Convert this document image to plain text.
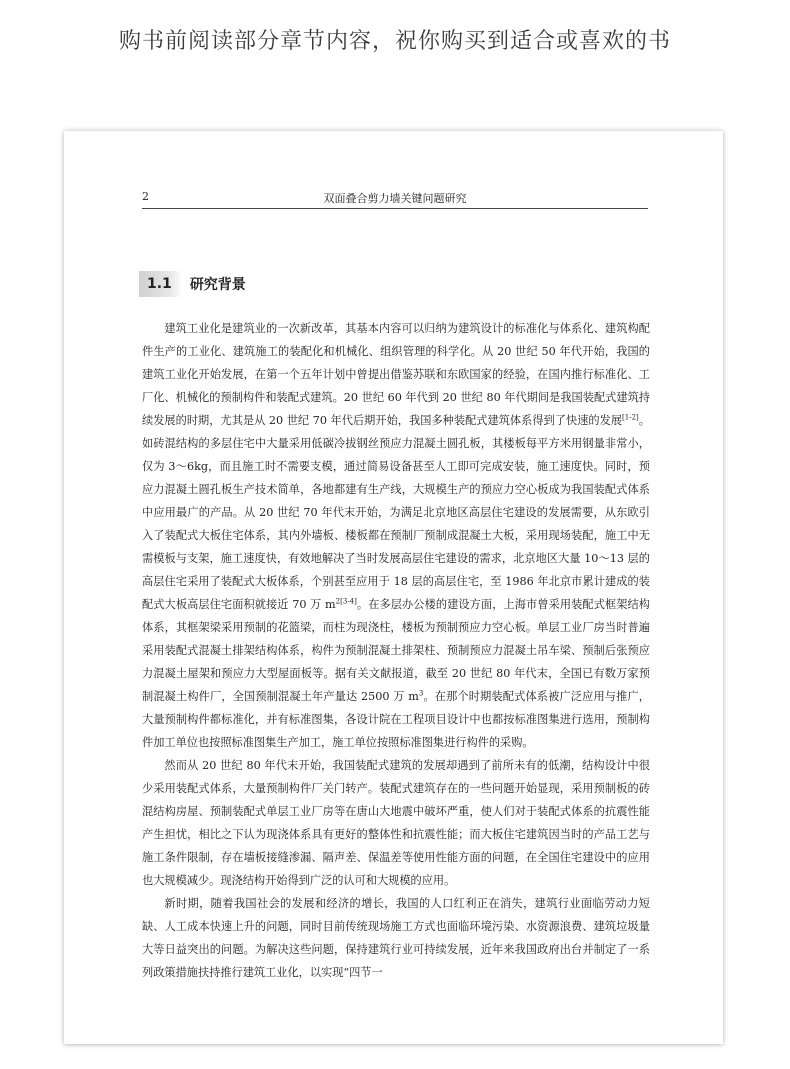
购书前阅读部分章节内容，祝你购买到适合或喜欢的书
2	双面叠合剪力墙关键问题研究
1.1	研究背景

建筑工业化是建筑业的一次新改革，其基本内容可以归纳为建筑设计的标准化与体系化、建筑构配件生产的工业化、建筑施工的装配化和机械化、组织管理的科学化。从 20 世纪 50 年代开始，我国的建筑工业化开始发展，在第一个五年计划中曾提出借鉴苏联和东欧国家的经验，在国内推行标准化、工厂化、机械化的预制构件和装配式建筑。20 世纪 60 年代到 20 世纪 80 年代期间是我国装配式建筑持续发展的时期，尤其是从 20 世纪 70 年代后期开始，我国多种装配式建筑体系得到了快速的发展[1-2]。如砖混结构的多层住宅中大量采用低碳冷拔钢丝预应力混凝土圆孔板，其楼板每平方米用钢量非常小，仅为 3～6kg，而且施工时不需要支模，通过简易设备甚至人工即可完成安装，施工速度快。同时，预应力混凝土圆孔板生产技术简单，各地都建有生产线，大规模生产的预应力空心板成为我国装配式体系中应用最广的产品。从 20 世纪 70 年代末开始，为满足北京地区高层住宅建设的发展需要，从东欧引入了装配式大板住宅体系，其内外墙板、楼板都在预制厂预制成混凝土大板，采用现场装配，施工中无需模板与支架，施工速度快，有效地解决了当时发展高层住宅建设的需求，北京地区大量 10～13 层的高层住宅采用了装配式大板体系，个别甚至应用于 18 层的高层住宅，至 1986 年北京市累计建成的装配式大板高层住宅面积就接近 70 万 $m^{2[3-4]}$。在多层办公楼的建设方面，上海市曾采用装配式框架结构体系，其框架梁采用预制的花篮梁，而柱为现浇柱，楼板为预制预应力空心板。单层工业厂房当时普遍采用装配式混凝土排架结构体系，构件为预制混凝土排架柱、预制预应力混凝土吊车梁、预制后张预应力混凝土屋架和预应力大型屋面板等。据有关文献报道，截至 20 世纪 80 年代末，全国已有数万家预制混凝土构件厂，全国预制混凝土年产量达 2500 万 $m^3$。在那个时期装配式体系被广泛应用与推广，大量预制构件都标准化，并有标准图集，各设计院在工程项目设计中也都按标准图集进行选用，预制构件加工单位也按照标准图集生产加工，施工单位按照标准图集进行构件的采购。

然而从 20 世纪 80 年代末开始，我国装配式建筑的发展却遇到了前所未有的低潮，结构设计中很少采用装配式体系，大量预制构件厂关门转产。装配式建筑存在的一些问题开始显现，采用预制板的砖混结构房屋、预制装配式单层工业厂房等在唐山大地震中破坏严重，使人们对于装配式体系的抗震性能产生担忧，相比之下认为现浇体系具有更好的整体性和抗震性能；而大板住宅建筑因当时的产品工艺与施工条件限制，存在墙板接缝渗漏、隔声差、保温差等使用性能方面的问题，在全国住宅建设中的应用也大规模减少。现浇结构开始得到广泛的认可和大规模的应用。

新时期，随着我国社会的发展和经济的增长，我国的人口红利正在消失，建筑行业面临劳动力短缺、人工成本快速上升的问题，同时目前传统现场施工方式也面临环境污染、水资源浪费、建筑垃圾量大等日益突出的问题。为解决这些问题，保持建筑行业可持续发展，近年来我国政府出台并制定了一系列政策措施扶持推行建筑工业化，以实现“四节一
